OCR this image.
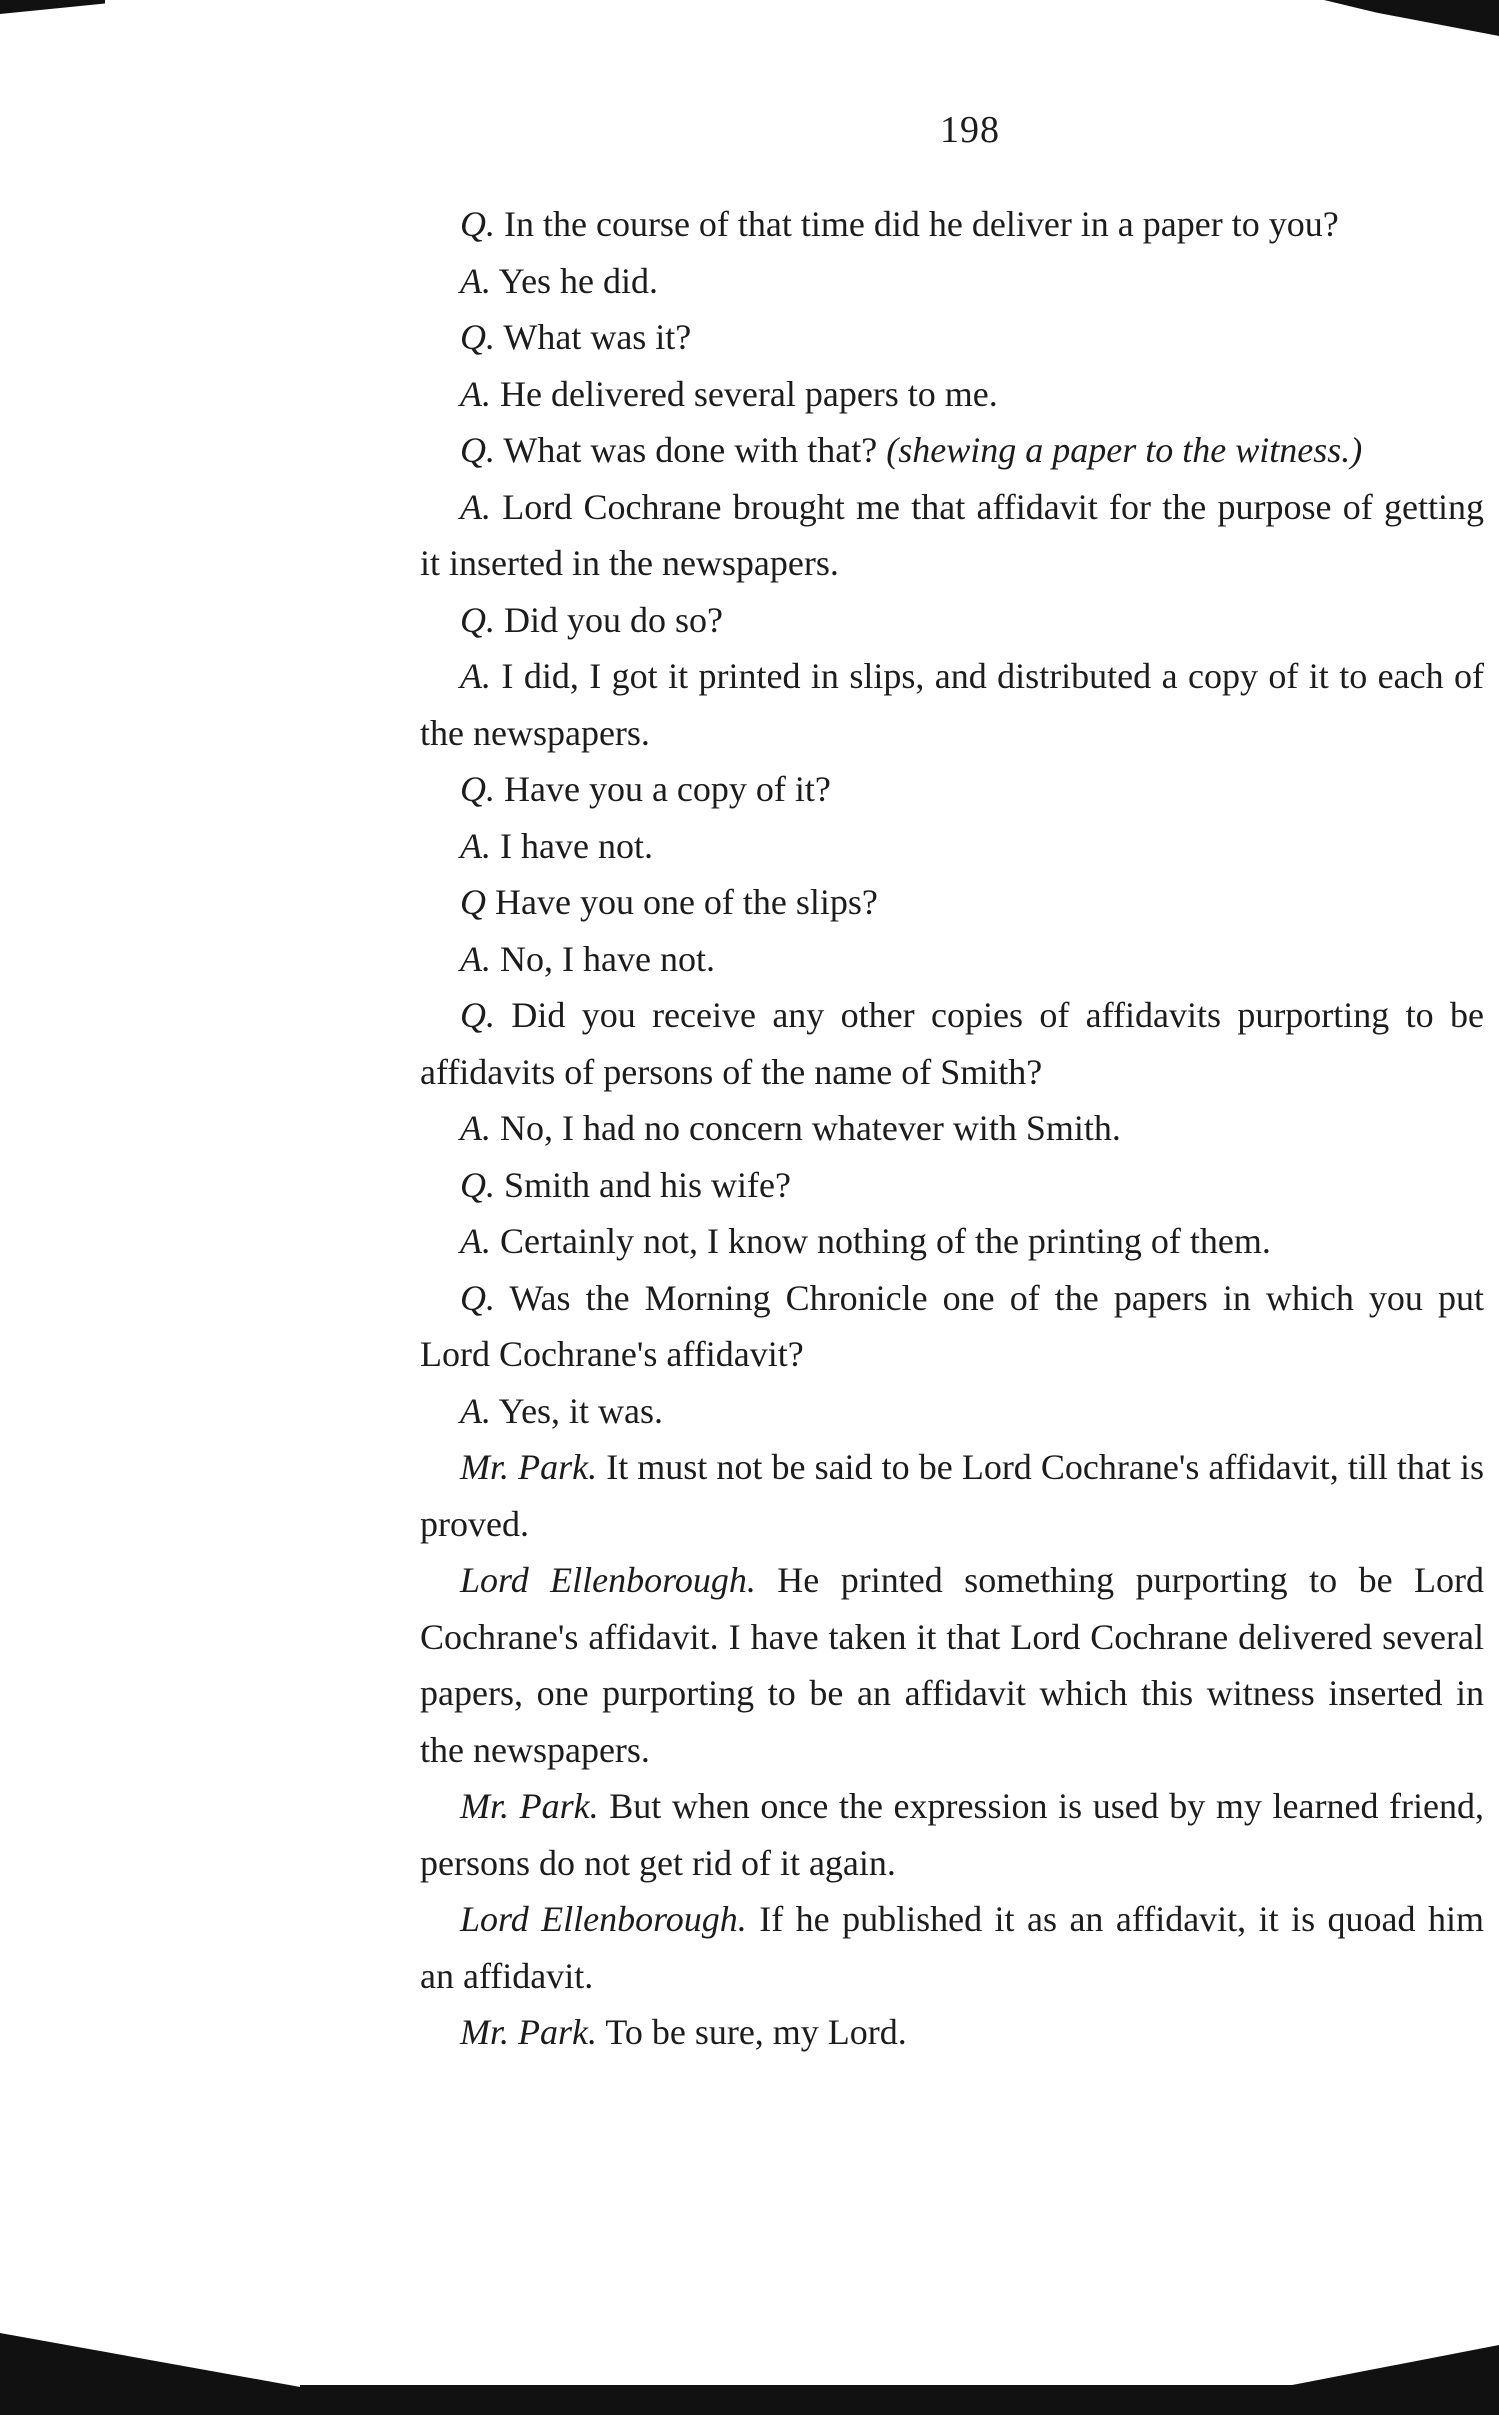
198

Q. In the course of that time did he deliver in a paper to you?

A. Yes he did.

Q. What was it?

A. He delivered several papers to me.

Q. What was done with that? (shewing a paper to the witness.)

A. Lord Cochrane brought me that affidavit for the purpose of getting it inserted in the newspapers.

Q. Did you do so?

A. I did, I got it printed in slips, and distributed a copy of it to each of the newspapers.

Q. Have you a copy of it?

A. I have not.

Q Have you one of the slips?

A. No, I have not.

Q. Did you receive any other copies of affidavits purporting to be affidavits of persons of the name of Smith?

A. No, I had no concern whatever with Smith.

Q. Smith and his wife?

A. Certainly not, I know nothing of the printing of them.

Q. Was the Morning Chronicle one of the papers in which you put Lord Cochrane's affidavit?

A. Yes, it was.

Mr. Park. It must not be said to be Lord Cochrane's affidavit, till that is proved.

Lord Ellenborough. He printed something purporting to be Lord Cochrane's affidavit. I have taken it that Lord Cochrane delivered several papers, one purporting to be an affidavit which this witness inserted in the newspapers.

Mr. Park. But when once the expression is used by my learned friend, persons do not get rid of it again.

Lord Ellenborough. If he published it as an affidavit, it is quoad him an affidavit.

Mr. Park. To be sure, my Lord.
